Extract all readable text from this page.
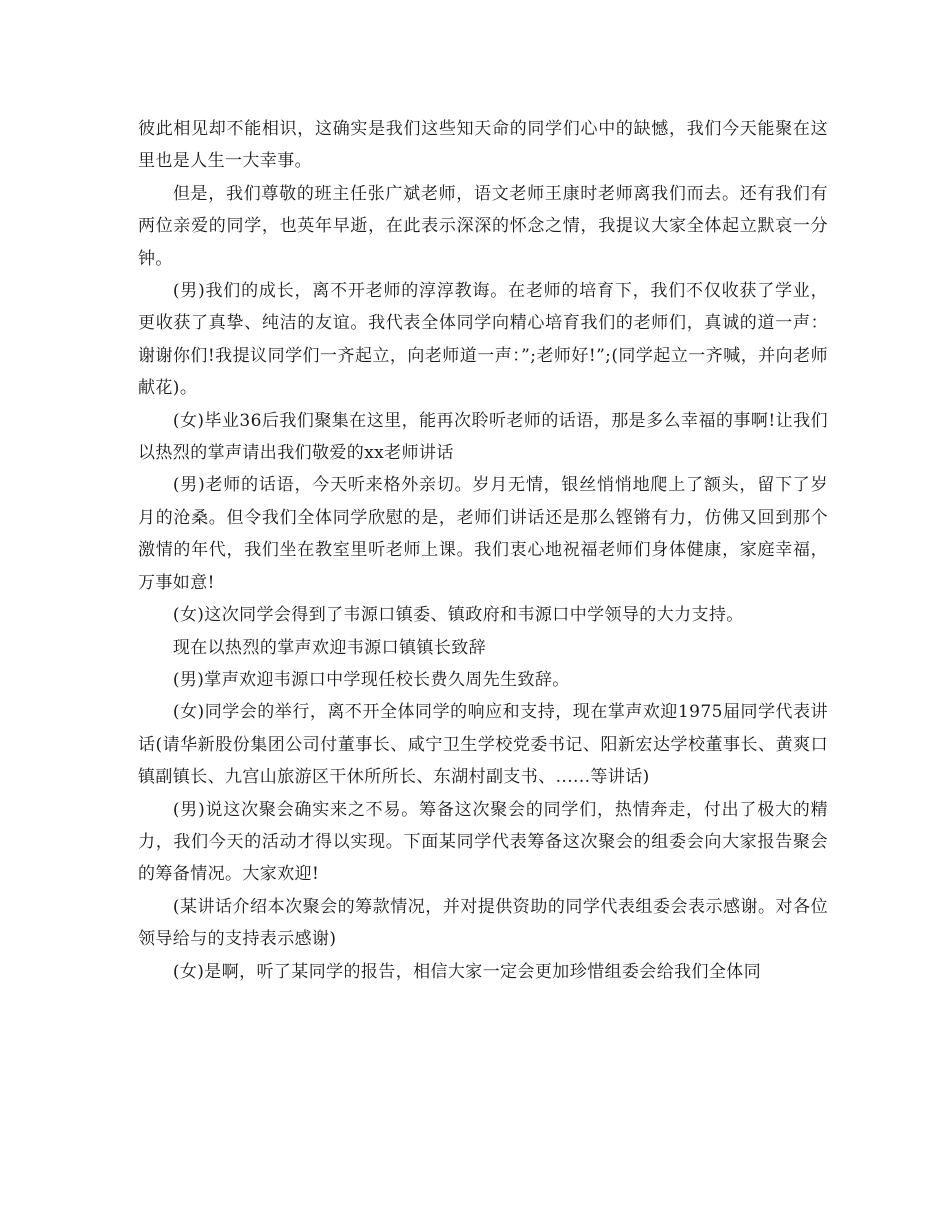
彼此相见却不能相识，这确实是我们这些知天命的同学们心中的缺憾，我们今天能聚在这里也是人生一大幸事。

但是，我们尊敬的班主任张广斌老师，语文老师王康时老师离我们而去。还有我们有两位亲爱的同学，也英年早逝，在此表示深深的怀念之情，我提议大家全体起立默哀一分钟。

(男)我们的成长，离不开老师的淳淳教诲。在老师的培育下，我们不仅收获了学业，更收获了真挚、纯洁的友谊。我代表全体同学向精心培育我们的老师们，真诚的道一声：谢谢你们!我提议同学们一齐起立，向老师道一声：”;老师好!”;(同学起立一齐喊，并向老师献花)。

(女)毕业36后我们聚集在这里，能再次聆听老师的话语，那是多么幸福的事啊!让我们以热烈的掌声请出我们敬爱的xx老师讲话

(男)老师的话语，今天听来格外亲切。岁月无情，银丝悄悄地爬上了额头，留下了岁月的沧桑。但令我们全体同学欣慰的是，老师们讲话还是那么铿锵有力，仿佛又回到那个激情的年代，我们坐在教室里听老师上课。我们衷心地祝福老师们身体健康，家庭幸福，万事如意!

(女)这次同学会得到了韦源口镇委、镇政府和韦源口中学领导的大力支持。

现在以热烈的掌声欢迎韦源口镇镇长致辞

(男)掌声欢迎韦源口中学现任校长费久周先生致辞。

(女)同学会的举行，离不开全体同学的响应和支持，现在掌声欢迎1975届同学代表讲话(请华新股份集团公司付董事长、咸宁卫生学校党委书记、阳新宏达学校董事长、黄爽口镇副镇长、九宫山旅游区干休所所长、东湖村副支书、......等讲话)

(男)说这次聚会确实来之不易。筹备这次聚会的同学们，热情奔走，付出了极大的精力，我们今天的活动才得以实现。下面某同学代表筹备这次聚会的组委会向大家报告聚会的筹备情况。大家欢迎!

(某讲话介绍本次聚会的筹款情况，并对提供资助的同学代表组委会表示感谢。对各位领导给与的支持表示感谢)

(女)是啊，听了某同学的报告，相信大家一定会更加珍惜组委会给我们全体同
